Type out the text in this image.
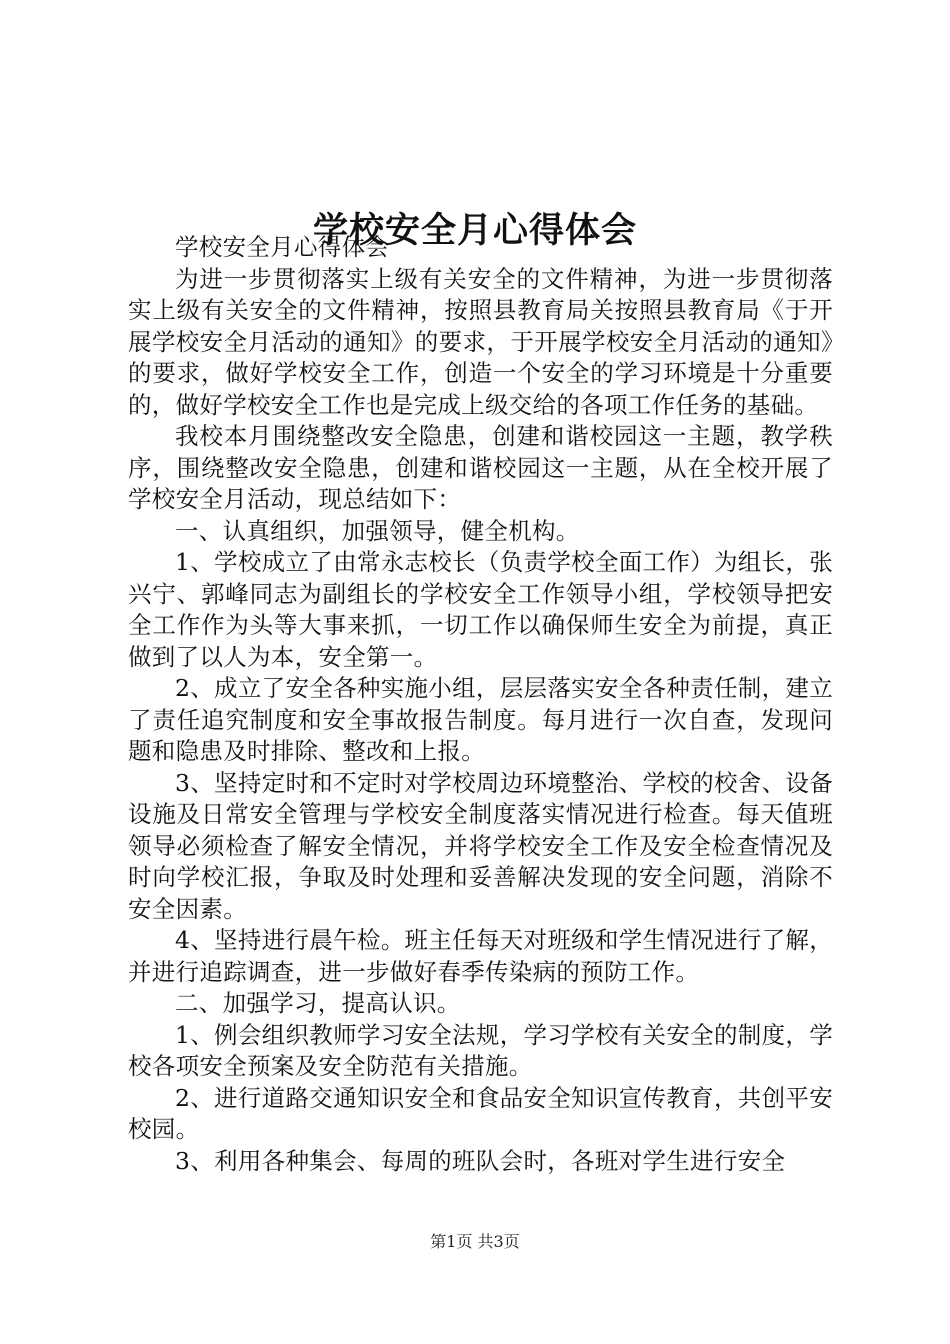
学校安全月心得体会

学校安全月心得体会

为进一步贯彻落实上级有关安全的文件精神，为进一步贯彻落实上级有关安全的文件精神，按照县教育局关按照县教育局《于开展学校安全月活动的通知》的要求，于开展学校安全月活动的通知》的要求，做好学校安全工作，创造一个安全的学习环境是十分重要的，做好学校安全工作也是完成上级交给的各项工作任务的基础。

我校本月围绕整改安全隐患，创建和谐校园这一主题，教学秩序，围绕整改安全隐患，创建和谐校园这一主题，从在全校开展了学校安全月活动，现总结如下：

一、认真组织，加强领导，健全机构。

1、学校成立了由常永志校长（负责学校全面工作）为组长，张兴宁、郭峰同志为副组长的学校安全工作领导小组，学校领导把安全工作作为头等大事来抓，一切工作以确保师生安全为前提，真正做到了以人为本，安全第一。

2、成立了安全各种实施小组，层层落实安全各种责任制，建立了责任追究制度和安全事故报告制度。每月进行一次自查，发现问题和隐患及时排除、整改和上报。

3、坚持定时和不定时对学校周边环境整治、学校的校舍、设备设施及日常安全管理与学校安全制度落实情况进行检查。每天值班领导必须检查了解安全情况，并将学校安全工作及安全检查情况及时向学校汇报，争取及时处理和妥善解决发现的安全问题，消除不安全因素。

4、坚持进行晨午检。班主任每天对班级和学生情况进行了解，并进行追踪调查，进一步做好春季传染病的预防工作。

二、加强学习，提高认识。

1、例会组织教师学习安全法规，学习学校有关安全的制度，学校各项安全预案及安全防范有关措施。

2、进行道路交通知识安全和食品安全知识宣传教育，共创平安校园。

3、利用各种集会、每周的班队会时，各班对学生进行安全

第1页 共3页
